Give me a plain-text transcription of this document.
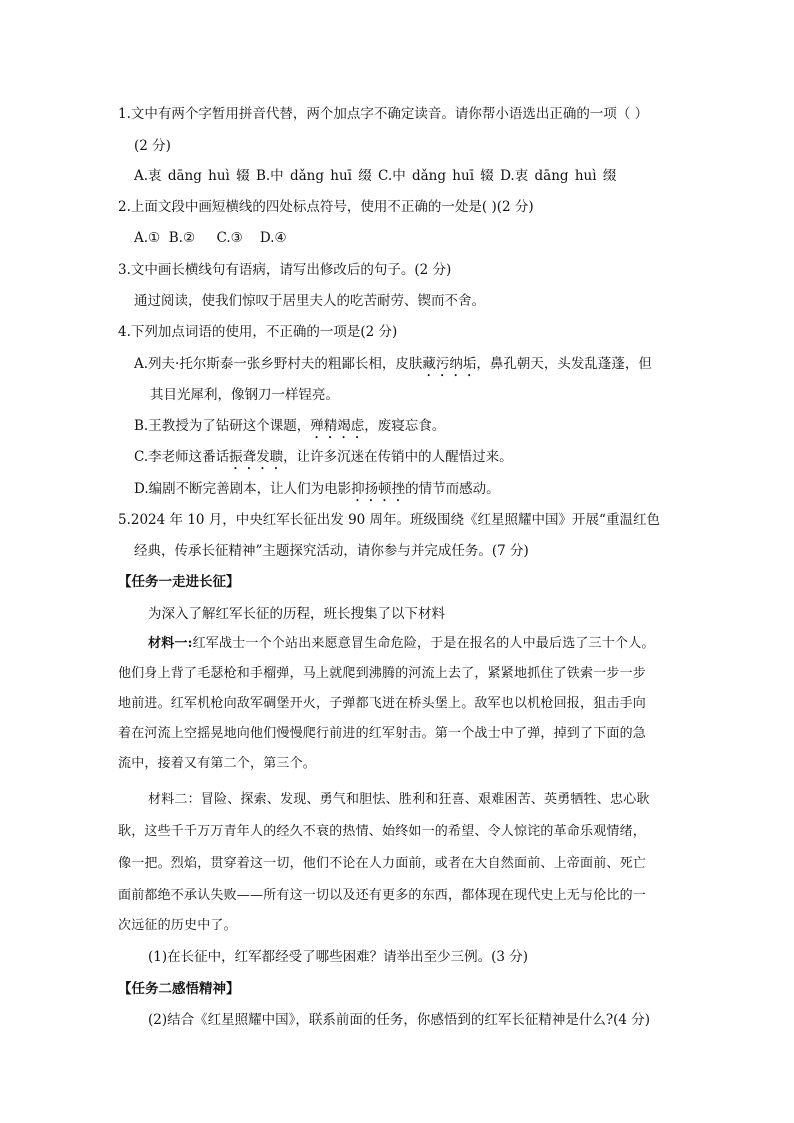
1.文中有两个字暂用拼音代替，两个加点字不确定读音。请你帮小语选出正确的一项（ ）
(2 分)
A.衷 dāng huì 辍 B.中 dǎng huī 缀 C.中 dǎng huī 辍 D.衷 dāng huì 缀
2.上面文段中画短横线的四处标点符号，使用不正确的一处是( )(2 分)
A.①  B.②     C.③    D.④
3.文中画长横线句有语病，请写出修改后的句子。(2 分)
通过阅读，使我们惊叹于居里夫人的吃苦耐劳、锲而不舍。
4.下列加点词语的使用，不正确的一项是(2 分)
A.列夫·托尔斯泰一张乡野村夫的粗鄙长相，皮肤藏污纳垢，鼻孔朝天，头发乱蓬蓬，但
其目光犀利，像钢刀一样锃亮。
B.王教授为了钻研这个课题，殚精竭虑，废寝忘食。
C.李老师这番话振聋发聩，让许多沉迷在传销中的人醒悟过来。
D.编剧不断完善剧本，让人们为电影抑扬顿挫的情节而感动。
5.2024 年 10 月，中央红军长征出发 90 周年。班级围绕《红星照耀中国》开展“重温红色
经典，传承长征精神”主题探究活动，请你参与并完成任务。(7 分)
【任务一走进长征】
为深入了解红军长征的历程，班长搜集了以下材料
材料一:红军战士一个个站出来愿意冒生命危险，于是在报名的人中最后选了三十个人。
他们身上背了毛瑟枪和手榴弹，马上就爬到沸腾的河流上去了，紧紧地抓住了铁索一步一步
地前进。红军机枪向敌军碉堡开火，子弹都飞迸在桥头堡上。敌军也以机枪回报，狙击手向
着在河流上空摇晃地向他们慢慢爬行前进的红军射击。第一个战士中了弹，掉到了下面的急
流中，接着又有第二个，第三个。
材料二：冒险、探索、发现、勇气和胆怯、胜利和狂喜、艰难困苦、英勇牺牲、忠心耿
耿，这些千千万万青年人的经久不衰的热情、始终如一的希望、令人惊诧的革命乐观情绪，
像一把。烈焰，贯穿着这一切，他们不论在人力面前，或者在大自然面前、上帝面前、死亡
面前都绝不承认失败——所有这一切以及还有更多的东西，都体现在现代史上无与伦比的一
次远征的历史中了。
(1)在长征中，红军都经受了哪些困难？请举出至少三例。(3 分)
【任务二感悟精神】
(2)结合《红星照耀中国》，联系前面的任务，你感悟到的红军长征精神是什么?(4 分)
